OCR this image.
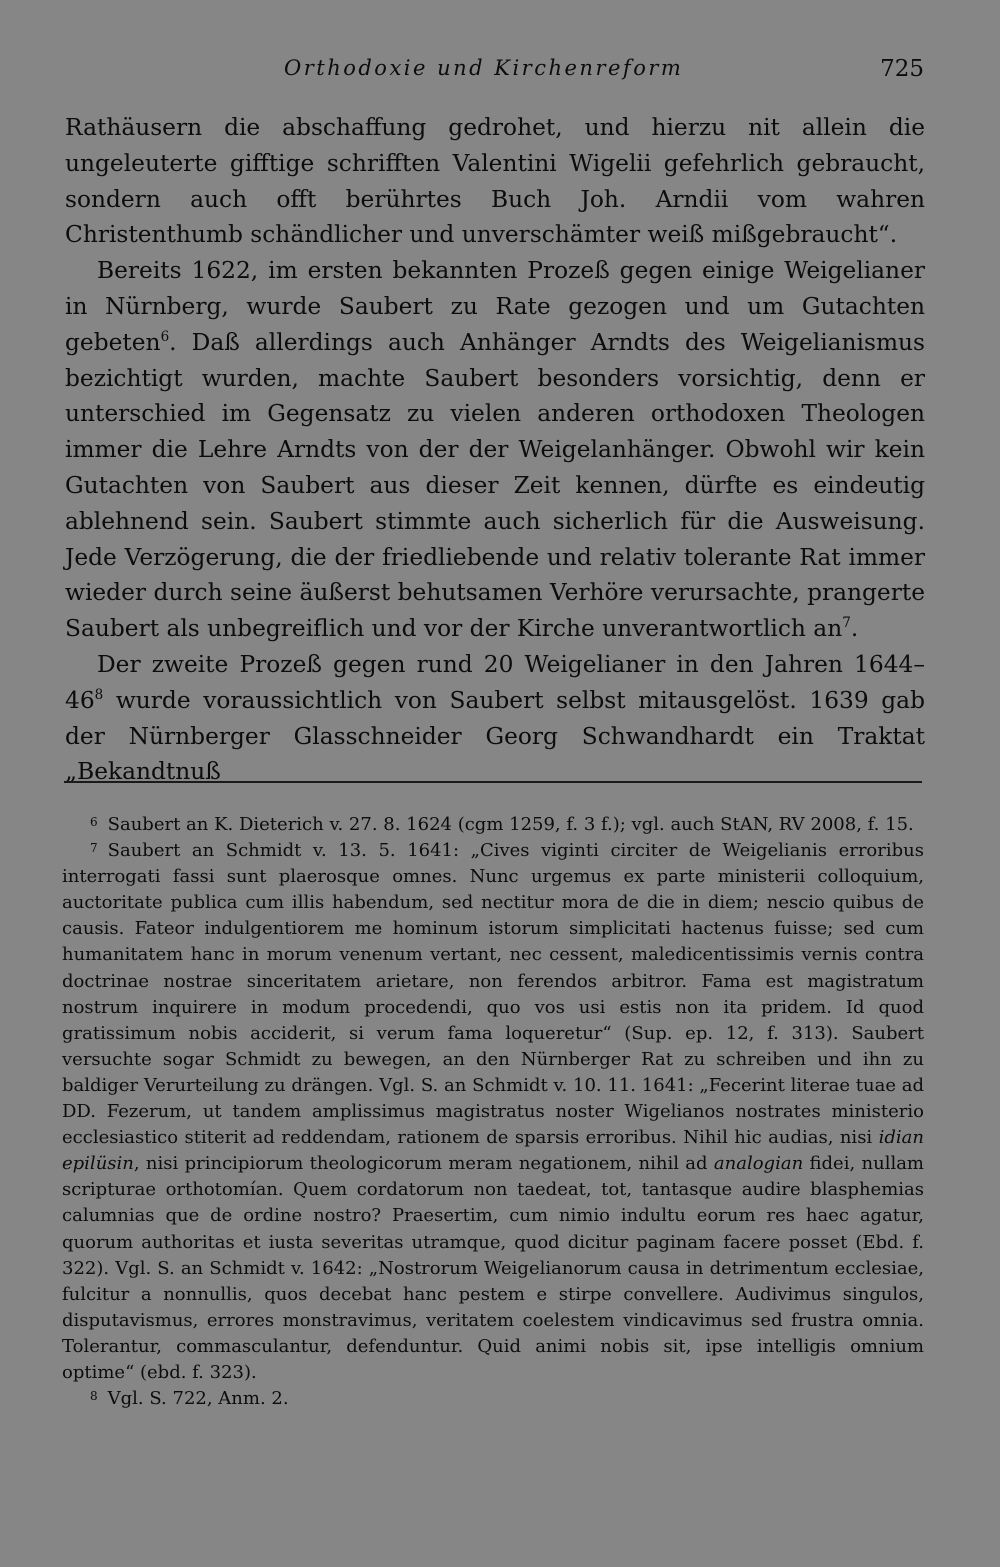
Orthodoxie und Kirchenreform	725

Rathäusern die abschaffung gedrohet, und hierzu nit allein die ungeleuterte gifftige schrifften Valentini Wigelii gefehrlich gebraucht, sondern auch offt berührtes Buch Joh. Arndii vom wahren Christenthumb schändlicher und unverschämter weiß mißgebraucht“.

Bereits 1622, im ersten bekannten Prozeß gegen einige Weigelianer in Nürnberg, wurde Saubert zu Rate gezogen und um Gutachten gebeten$^6$. Daß allerdings auch Anhänger Arndts des Weigelianismus bezichtigt wurden, machte Saubert besonders vorsichtig, denn er unterschied im Gegensatz zu vielen anderen orthodoxen Theologen immer die Lehre Arndts von der der Weigelanhänger. Obwohl wir kein Gutachten von Saubert aus dieser Zeit kennen, dürfte es eindeutig ablehnend sein. Saubert stimmte auch sicherlich für die Ausweisung. Jede Verzögerung, die der friedliebende und relativ tolerante Rat immer wieder durch seine äußerst behutsamen Verhöre verursachte, prangerte Saubert als unbegreiflich und vor der Kirche unverantwortlich $an^7$.

Der zweite Prozeß gegen rund 20 Weigelianer in den Jahren $1644-46^8$ wurde voraussichtlich von Saubert selbst mitausgelöst. 1639 gab der Nürnberger Glasschneider Georg Schwandhardt ein Traktat „Bekandtnuß

$^6$ Saubert an K. Dieterich v. 27. 8. 1624 (cgm 1259, f. 3 f.); vgl. auch StAN, RV 2008, f. 15.

$^7$ Saubert an Schmidt v. 13. 5. 1641: „Cives viginti circiter de Weigelianis erroribus interrogati fassi sunt plaerosque omnes. Nunc urgemus ex parte ministerii colloquium, auctoritate publica cum illis habendum, sed nectitur mora de die in diem; nescio quibus de causis. Fateor indulgentiorem me hominum istorum simplicitati hactenus fuisse; sed cum humanitatem hanc in morum venenum vertant, nec cessent, maledicentissimis vernis contra doctrinae nostrae sinceritatem arietare, non ferendos arbitror. Fama est magistratum nostrum inquirere in modum procedendi, quo vos usi estis non ita pridem. Id quod gratissimum nobis acciderit, si verum fama loqueretur“ (Sup. ep. 12, f. 313). Saubert versuchte sogar Schmidt zu bewegen, an den Nürnberger Rat zu schreiben und ihn zu baldiger Verurteilung zu drängen. Vgl. S. an Schmidt v. 10. 11. 1641: „Fecerint literae tuae ad DD. Fezerum, ut tandem amplissimus magistratus noster Wigelianos nostrates ministerio ecclesiastico stiterit ad reddendam, rationem de sparsis erroribus. Nihil hic audias, nisi idian epilüsin, nisi principiorum theologicorum meram negationem, nihil ad analogian fidei, nullam scripturae orthotomían. Quem cordatorum non taedeat, tot, tantasque audire blasphemias calumnias que de ordine nostro? Praesertim, cum nimio indultu eorum res haec agatur, quorum authoritas et iusta severitas utramque, quod dicitur paginam facere posset (Ebd. f. 322). Vgl. S. an Schmidt v. 1642: „Nostrorum Weigelianorum causa in detrimentum ecclesiae, fulcitur a nonnullis, quos decebat hanc pestem e stirpe convellere. Audivimus singulos, disputavismus, errores monstravimus, veritatem coelestem vindicavimus sed frustra omnia. Tolerantur, commasculantur, defenduntur. Quid animi nobis sit, ipse intelligis omnium optime“ (ebd. f. 323).

$^8$ Vgl. S. 722, Anm. 2.
